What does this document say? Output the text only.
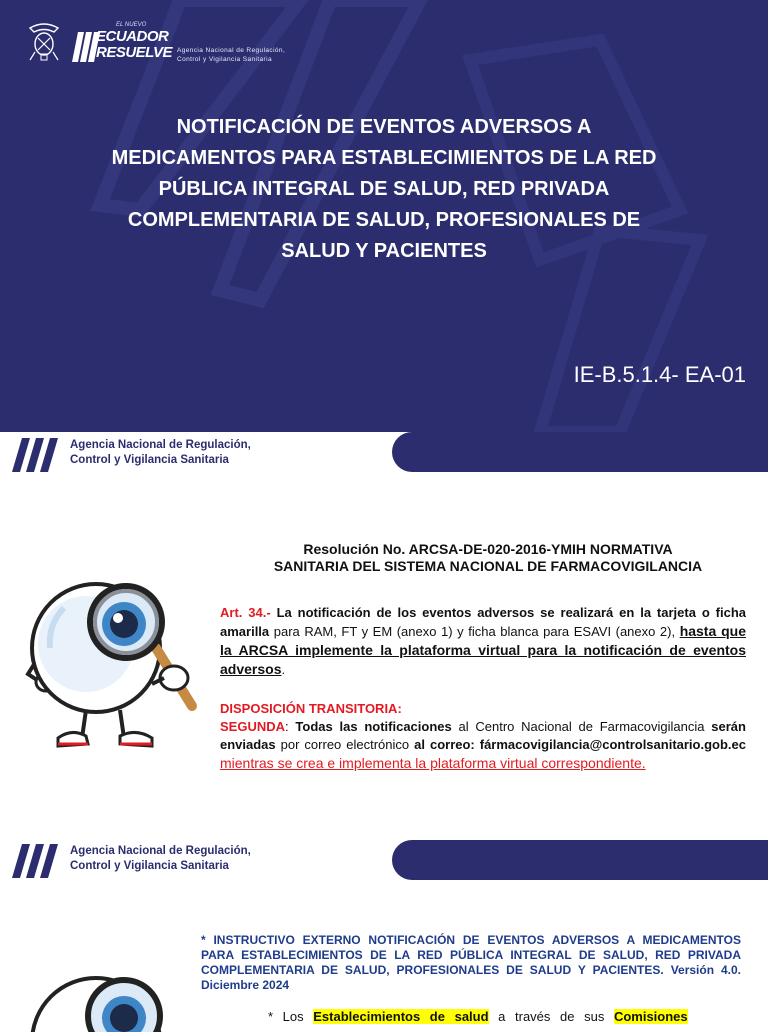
EL NUEVO
ECUADOR
RESUELVE Agencia Nacional de Regulación,
Control y Vigilancia Sanitaria
NOTIFICACIÓN DE EVENTOS ADVERSOS A MEDICAMENTOS PARA ESTABLECIMIENTOS DE LA RED PÚBLICA INTEGRAL DE SALUD, RED PRIVADA COMPLEMENTARIA DE SALUD, PROFESIONALES DE SALUD Y PACIENTES
IE-B.5.1.4- EA-01
Agencia Nacional de Regulación,
Control y Vigilancia Sanitaria
Resolución No. ARCSA-DE-020-2016-YMIH NORMATIVA
SANITARIA DEL SISTEMA NACIONAL DE FARMACOVIGILANCIA
Art. 34.- La notificación de los eventos adversos se realizará en la tarjeta o ficha amarilla para RAM, FT y EM (anexo 1) y ficha blanca para ESAVI (anexo 2), hasta que la ARCSA implemente la plataforma virtual para la notificación de eventos adversos.
DISPOSICIÓN TRANSITORIA:
SEGUNDA: Todas las notificaciones al Centro Nacional de Farmacovigilancia serán enviadas por correo electrónico al correo: fármacovigilancia@controlsanitario.gob.ec mientras se crea e implementa la plataforma virtual correspondiente.
Agencia Nacional de Regulación,
Control y Vigilancia Sanitaria
* INSTRUCTIVO EXTERNO NOTIFICACIÓN DE EVENTOS ADVERSOS A MEDICAMENTOS PARA ESTABLECIMIENTOS DE LA RED PÚBLICA INTEGRAL DE SALUD, RED PRIVADA COMPLEMENTARIA DE SALUD, PROFESIONALES DE SALUD Y PACIENTES. Versión 4.0. Diciembre 2024
* Los Establecimientos de salud a través de sus Comisiones
